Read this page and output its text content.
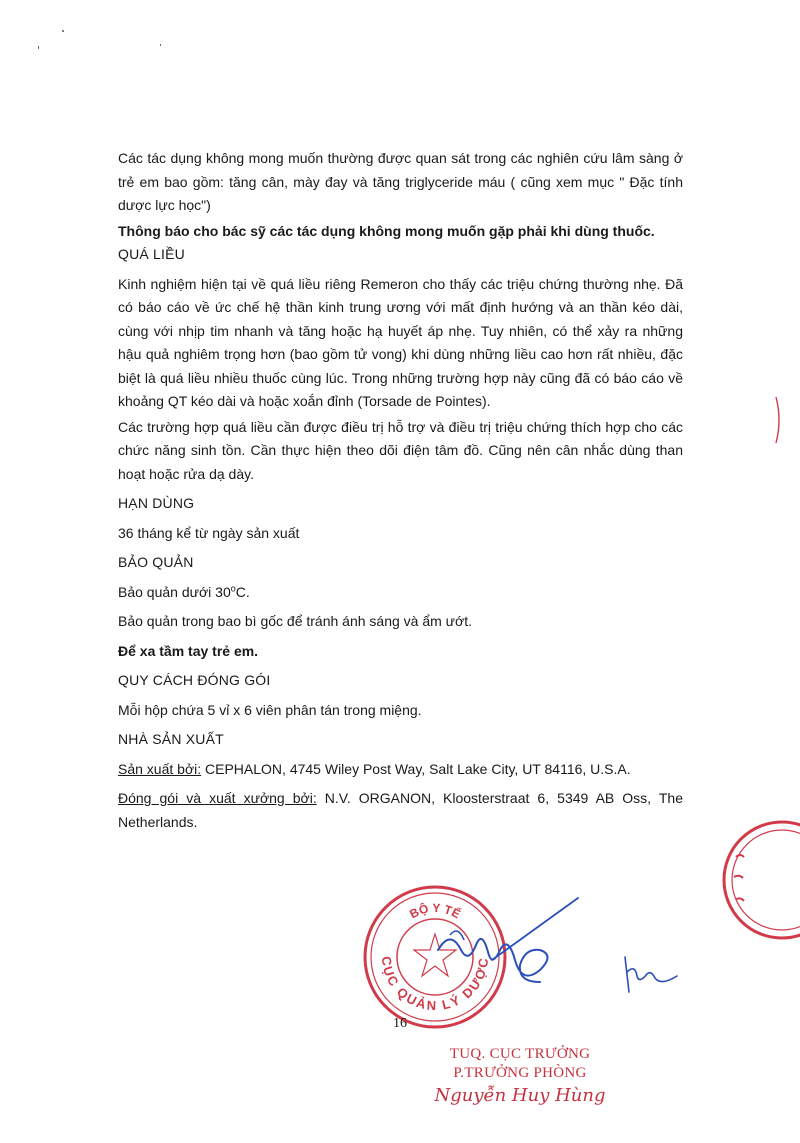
Các tác dụng không mong muốn thường được quan sát trong các nghiên cứu lâm sàng ở trẻ em bao gồm: tăng cân, mày đay và tăng triglyceride máu ( cũng xem mục " Đặc tính dược lực học")

Thông báo cho bác sỹ các tác dụng không mong muốn gặp phải khi dùng thuốc.

QUÁ LIỀU

Kinh nghiệm hiện tại về quá liều riêng Remeron cho thấy các triệu chứng thường nhẹ. Đã có báo cáo về ức chế hệ thần kinh trung ương với mất định hướng và an thần kéo dài, cùng với nhịp tim nhanh và tăng hoặc hạ huyết áp nhẹ. Tuy nhiên, có thể xảy ra những hậu quả nghiêm trọng hơn (bao gồm tử vong) khi dùng những liều cao hơn rất nhiều, đặc biệt là quá liều nhiều thuốc cùng lúc. Trong những trường hợp này cũng đã có báo cáo về khoảng QT kéo dài và hoặc xoắn đỉnh (Torsade de Pointes).

Các trường hợp quá liều cần được điều trị hỗ trợ và điều trị triệu chứng thích hợp cho các chức năng sinh tồn. Cần thực hiện theo dõi điện tâm đồ. Cũng nên cân nhắc dùng than hoạt hoặc rửa dạ dày.

HẠN DÙNG

36 tháng kể từ ngày sản xuất

BẢO QUẢN

Bảo quản dưới 30$^o$C.

Bảo quản trong bao bì gốc để tránh ánh sáng và ẩm ướt.

Để xa tầm tay trẻ em.

QUY CÁCH ĐÓNG GÓI

Mỗi hộp chứa 5 vỉ x 6 viên phân tán trong miệng.

NHÀ SẢN XUẤT

Sản xuất bởi: CEPHALON, 4745 Wiley Post Way, Salt Lake City, UT 84116, U.S.A.

Đóng gói và xuất xưởng bởi: N.V. ORGANON, Kloosterstraat 6, 5349 AB Oss, The Netherlands.

BỘ Y TẾ
CỤC QUẢN LÝ DƯỢC
16
TUQ. CỤC TRƯỞNG
P.TRƯỞNG PHÒNG
Nguyễn Huy Hùng
